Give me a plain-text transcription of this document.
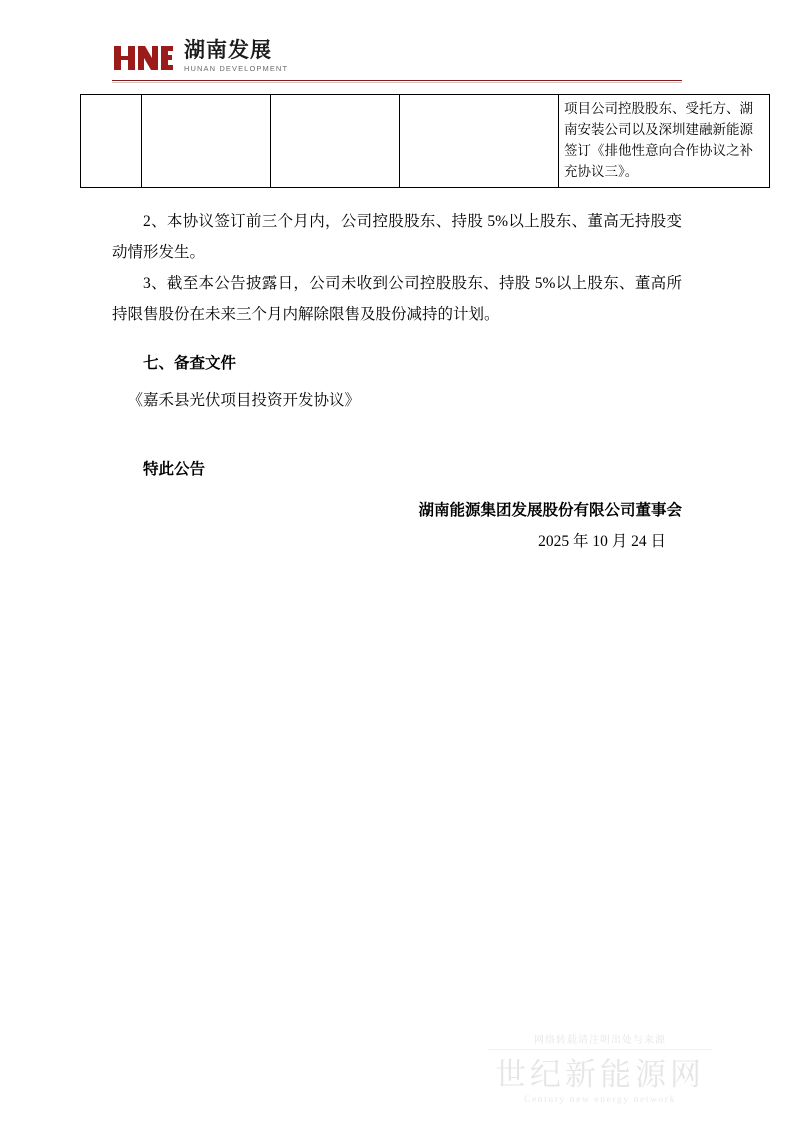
湖南发展
HUNAN DEVELOPMENT
				项目公司控股股东、受托方、湖南安装公司以及深圳建融新能源签订《排他性意向合作协议之补充协议三》。

2、本协议签订前三个月内，公司控股股东、持股 5%以上股东、董高无持股变动情形发生。

3、截至本公告披露日，公司未收到公司控股股东、持股 5%以上股东、董高所持限售股份在未来三个月内解除限售及股份减持的计划。

七、备查文件

《嘉禾县光伏项目投资开发协议》

特此公告

湖南能源集团发展股份有限公司董事会

2025 年 10 月 24 日

网络转载请注明出处与来源

世纪新能源网

Century new energy network
